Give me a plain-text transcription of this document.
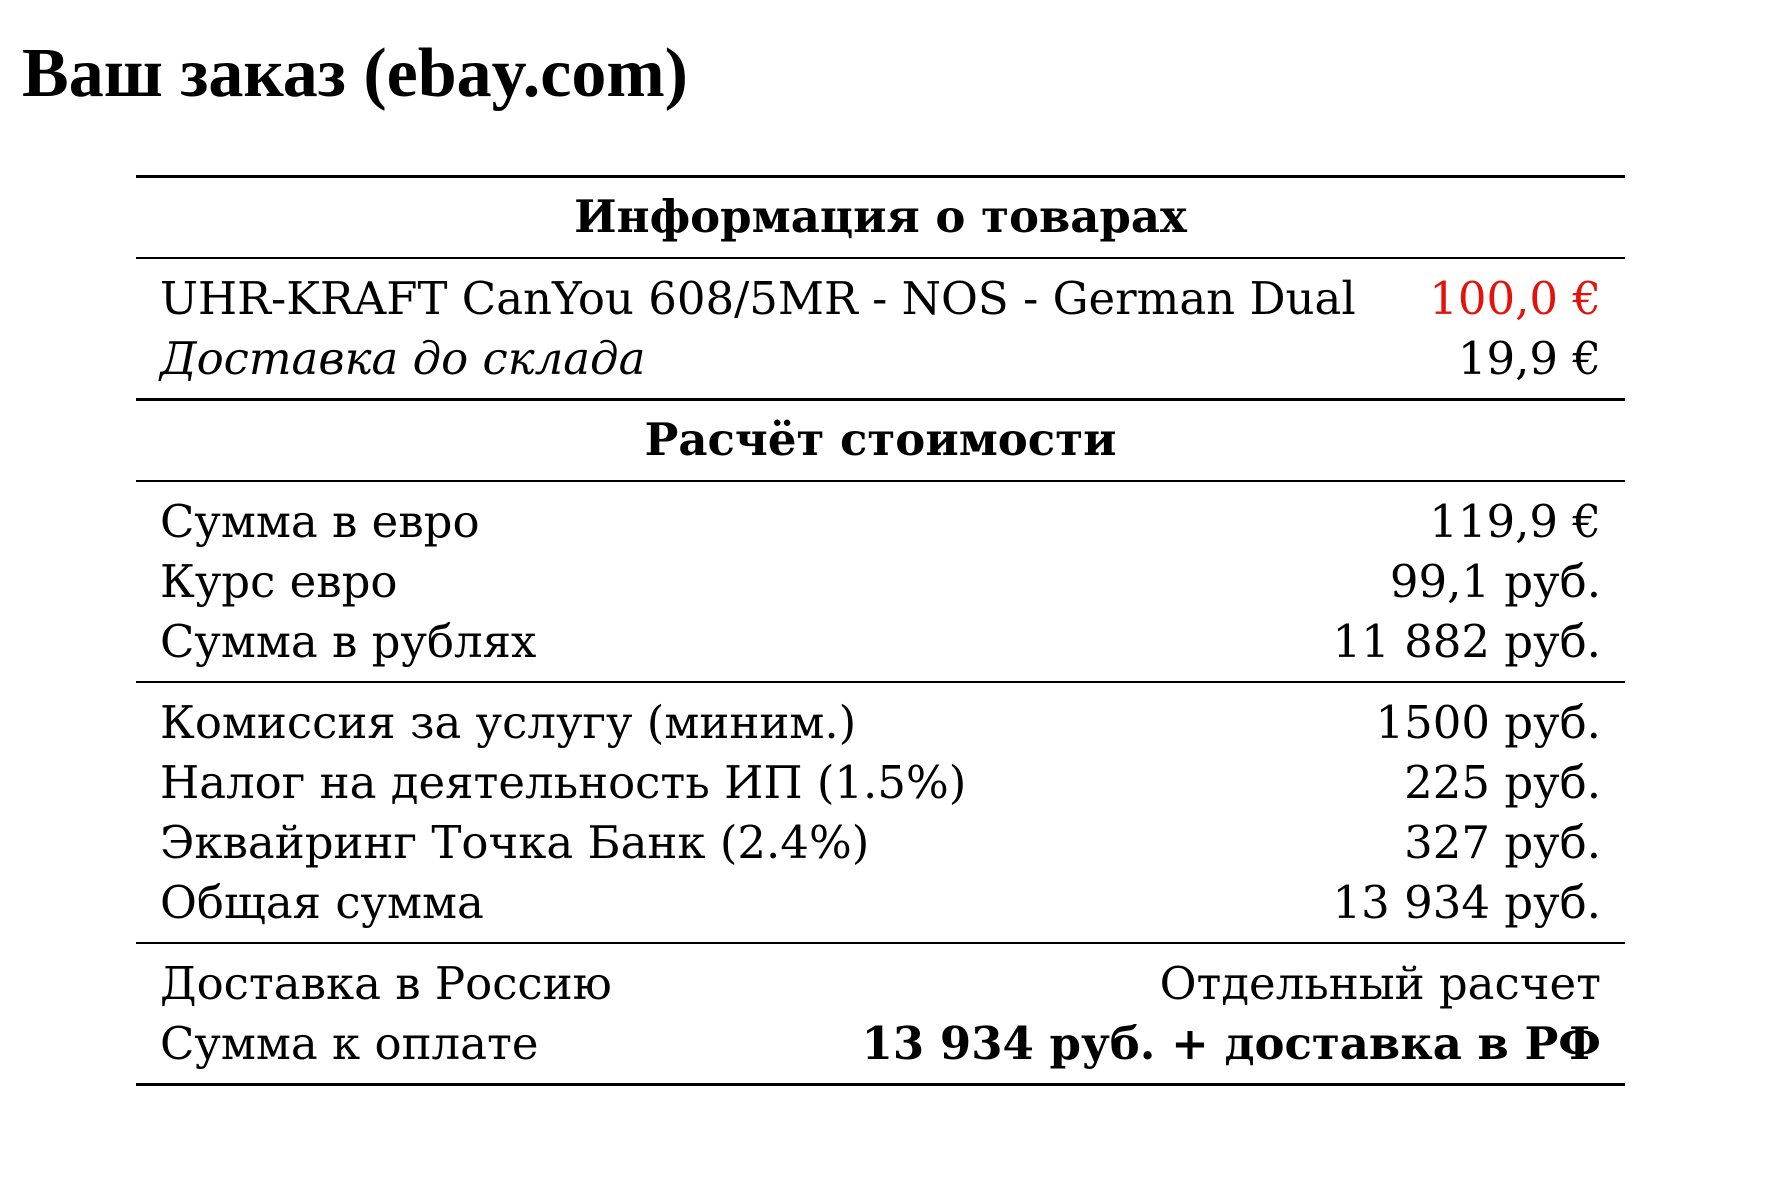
Ваш заказ (ebay.com)
Информация о товарах
UHR-KRAFT CanYou 608/5MR - NOS - German Dual 100,0 €
Доставка до склада	19,9 €
Расчёт стоимости
Сумма в евро	119,9 €
Курс евро	99,1 руб.
Сумма в рублях	11 882 руб.
Комиссия за услугу (миним.)	1500 руб.
Налог на деятельность ИП (1.5%)	225 руб.
Эквайринг Точка Банк (2.4%)	327 руб.
Общая сумма	13 934 руб.
Доставка в Россию	Отдельный расчет
Сумма к оплате	13 934 руб. + доставка в РФ
